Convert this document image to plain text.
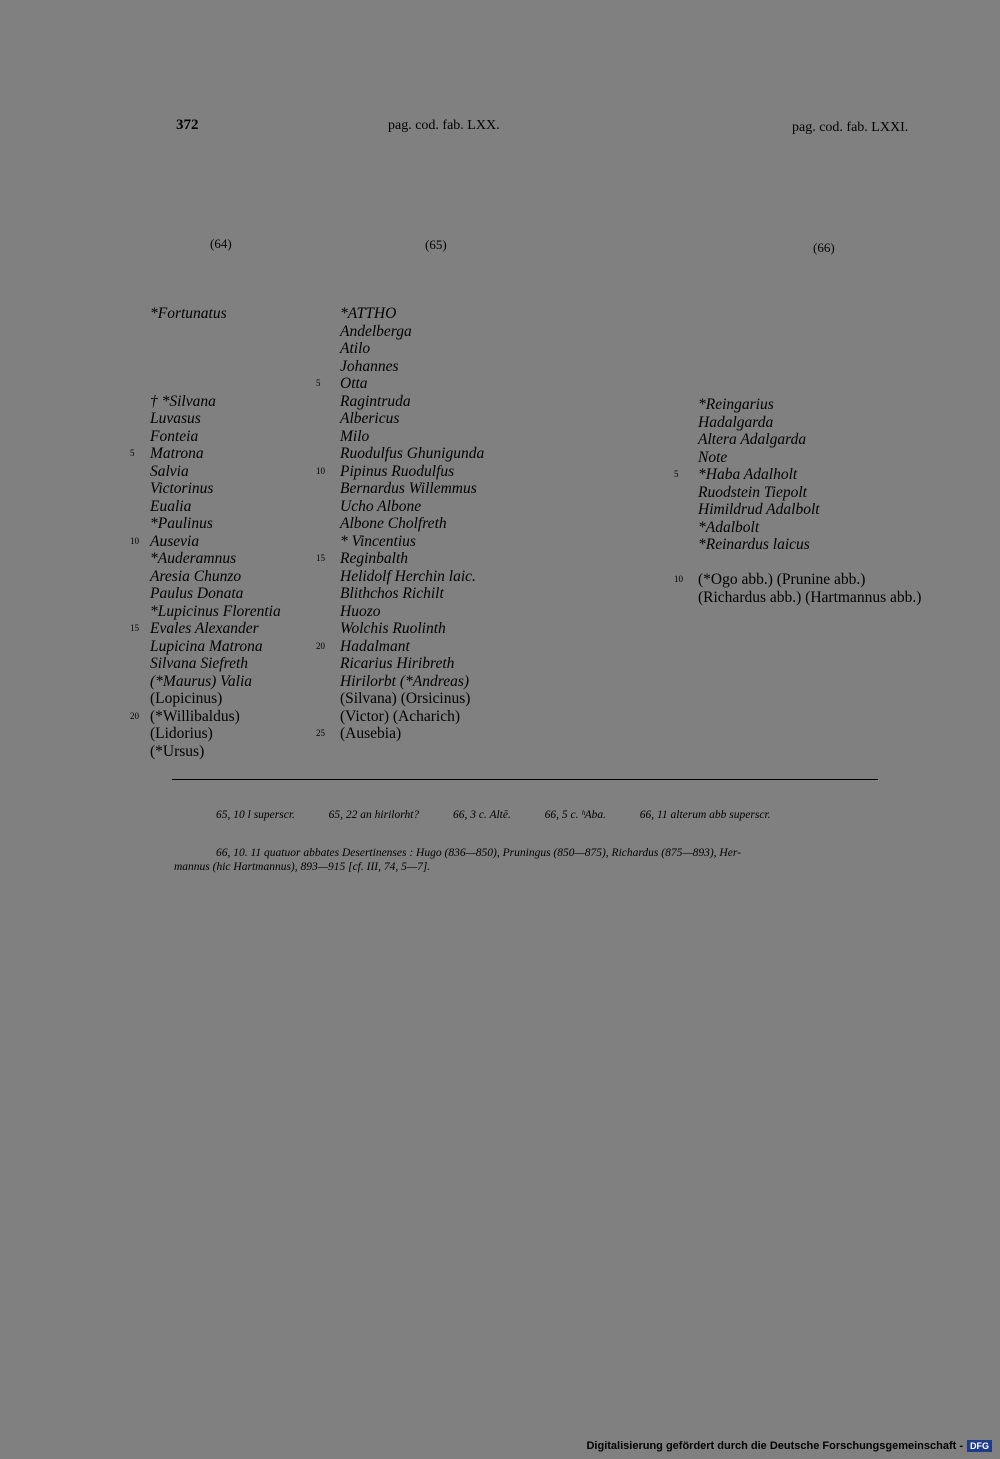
372	pag. cod. fab. LXX.	pag. cod. fab. LXXI.
(64)	(65)	(66)
*Fortunatus
† *Silvana
Luvasus
Fonteia
5 Matrona
Salvia
Victorinus
Eualia
*Paulinus
10 Ausevia
*Auderamnus
Aresia Chunzo
Paulus Donata
*Lupicinus Florentia
15 Evales Alexander
Lupicina Matrona
Silvana Siefreth
(*Maurus) Valia
(Lopicinus)
20 (*Willibaldus)
(Lidorius)
(*Ursus)
*ATTHO
Andelberga
Atilo
Johannes
5 Otta
Ragintruda
Albericus
Milo
Ruodulfus Ghunigunda
10 Pipinus Ruodulfus
Bernardus Willemmus
Ucho Albone
Albone Cholfreth
* Vincentius
15 Reginbalth
Helidolf Herchin laic.
Blithchos Richilt
Huozo
Wolchis Ruolinth
20 Hadalmant
Ricarius Hiribreth
Hirilorbt (*Andreas)
(Silvana) (Orsicinus)
(Victor) (Acharich)
25 (Ausebia)
*Reingarius
Hadalgarda
Altera Adalgarda
Note
5 *Haba Adalholt
Ruodstein Tiepolt
Himildrud Adalbolt
*Adalbolt
*Reinardus laicus
10 (*Ogo abb.) (Prunine abb.)
(Richardus abb.) (Hartmannus abb.)
65, 10 l superscr.	65, 22 an hirilorht?	66, 3 c. Altē.	66, 5 c. ʰAba.	66, 11 alterum abb superscr.
66, 10. 11 quatuor abbates Desertinenses : Hugo (836—850), Pruningus (850—875), Richardus (875—893), Her-
mannus (hic Hartmannus), 893—915 [cf. III, 74, 5—7].
Digitalisierung gefördert durch die Deutsche Forschungsgemeinschaft - DFG
